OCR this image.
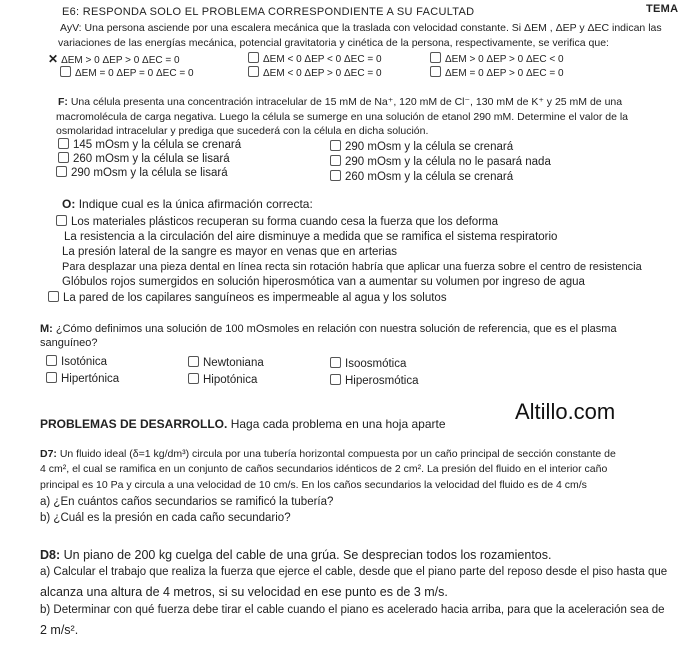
E6: RESPONDA SOLO EL PROBLEMA CORRESPONDIENTE A SU FACULTAD	TEMA
AyV: Una persona asciende por una escalera mecánica que la traslada con velocidad constante. Si ΔEM , ΔEP y ΔEC indican las
variaciones de las energías mecánica, potencial gravitatoria y cinética de la persona, respectivamente, se verifica que:
✕ ΔEM > 0 ΔEP > 0 ΔEC = 0	ΔEM < 0 ΔEP < 0 ΔEC = 0	ΔEM > 0 ΔEP > 0 ΔEC < 0
ΔEM = 0 ΔEP = 0 ΔEC = 0	ΔEM < 0 ΔEP > 0 ΔEC = 0	ΔEM = 0 ΔEP > 0 ΔEC = 0
F: Una célula presenta una concentración intracelular de 15 mM de Na⁺, 120 mM de Cl⁻, 130 mM de K⁺ y 25 mM de una
macromolécula de carga negativa. Luego la célula se sumerge en una solución de etanol 290 mM. Determine el valor de la
osmolaridad intracelular y prediga que sucederá con la célula en dicha solución.
145 mOsm y la célula se crenará	290 mOsm y la célula se crenará
260 mOsm y la célula se lisará	290 mOsm y la célula no le pasará nada
290 mOsm y la célula se lisará	260 mOsm y la célula se crenará
O: Indique cual es la única afirmación correcta:
Los materiales plásticos recuperan su forma cuando cesa la fuerza que los deforma
La resistencia a la circulación del aire disminuye a medida que se ramifica el sistema respiratorio
La presión lateral de la sangre es mayor en venas que en arterias
Para desplazar una pieza dental en línea recta sin rotación habría que aplicar una fuerza sobre el centro de resistencia
Glóbulos rojos sumergidos en solución hiperosmótica van a aumentar su volumen por ingreso de agua
La pared de los capilares sanguíneos es impermeable al agua y los solutos
M: ¿Cómo definimos una solución de 100 mOsmoles en relación con nuestra solución de referencia, que es el plasma
sanguíneo?
Isotónica	Newtoniana	Isoosmótica
Hipertónica	Hipotónica	Hiperosmótica
Altillo.com
PROBLEMAS DE DESARROLLO. Haga cada problema en una hoja aparte
D7: Un fluido ideal (δ=1 kg/dm³) circula por una tubería horizontal compuesta por un caño principal de sección constante de
4 cm², el cual se ramifica en un conjunto de caños secundarios idénticos de 2 cm². La presión del fluido en el interior caño
principal es 10 Pa y circula a una velocidad de 10 cm/s. En los caños secundarios la velocidad del fluido es de 4 cm/s
a) ¿En cuántos caños secundarios se ramificó la tubería?
b) ¿Cuál es la presión en cada caño secundario?
D8: Un piano de 200 kg cuelga del cable de una grúa. Se desprecian todos los rozamientos.
a) Calcular el trabajo que realiza la fuerza que ejerce el cable, desde que el piano parte del reposo desde el piso hasta que
alcanza una altura de 4 metros, si su velocidad en ese punto es de 3 m/s.
b) Determinar con qué fuerza debe tirar el cable cuando el piano es acelerado hacia arriba, para que la aceleración sea de
2 m/s².
